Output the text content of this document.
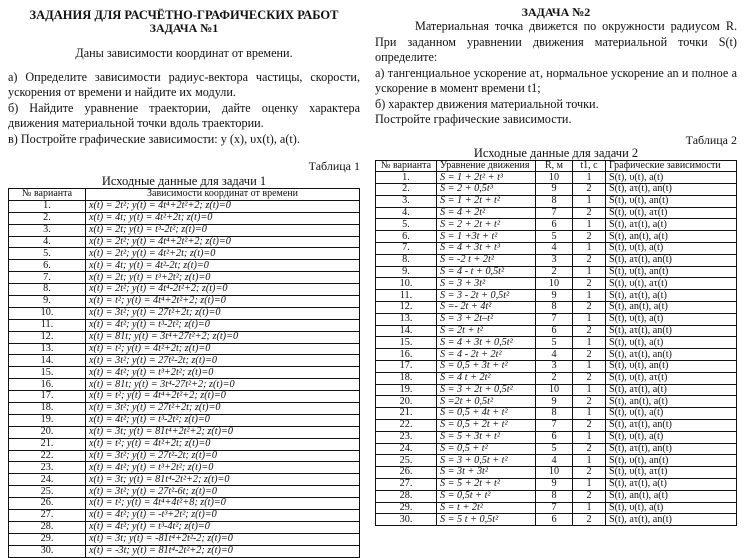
ЗАДАНИЯ ДЛЯ РАСЧЁТНО-ГРАФИЧЕСКИХ РАБОТ
ЗАДАЧА №1

Даны зависимости координат от времени.

а) Определите зависимости радиус-вектора частицы, скорости, ускорения от времени и найдите их модули.

б) Найдите уравнение траектории, дайте оценку характера движения материальной точки вдоль траектории.

в) Постройте графические зависимости: y (x), υx(t), a(t).

Таблица 1
Исходные данные для задачи 1
№ варианта	Зависимости координат от времени
1.	x(t) = 2t²; y(t) = 4t⁴+2t²+2; z(t)=0
2.	x(t) = 4t; y(t) = 4t²+2t; z(t)=0
3.	x(t) = 2t; y(t) = t³-2t²; z(t)=0
4.	x(t) = 2t²; y(t) = 4t⁴+2t²+2; z(t)=0
5.	x(t) = 2t²; y(t) = 4t²+2t; z(t)=0
6.	x(t) = 4t; y(t) = 4t²-2t; z(t)=0
7.	x(t) = 2t; y(t) = t³+2t²; z(t)=0
8.	x(t) = 2t²; y(t) = 4t⁴-2t²+2; z(t)=0
9.	x(t) = t²; y(t) = 4t⁴+2t²+2; z(t)=0
10.	x(t) = 3t²; y(t) = 27t²+2t; z(t)=0
11.	x(t) = 4t²; y(t) = t³-2t²; z(t)=0
12.	x(t) = 81t; y(t) = 3t⁴+27t²+2; z(t)=0
13.	x(t) = t²; y(t) = 4t²+2t; z(t)=0
14.	x(t) = 3t²; y(t) = 27t²-2t; z(t)=0
15.	x(t) = 4t²; y(t) = t³+2t²; z(t)=0
16.	x(t) = 81t; y(t) = 3t⁴-27t²+2; z(t)=0
17.	x(t) = t²; y(t) = 4t⁴+2t²+2; z(t)=0
18.	x(t) = 3t²; y(t) = 27t²+2t; z(t)=0
19.	x(t) = 4t²; y(t) = t³-2t²; z(t)=0
20.	x(t) = 3t; y(t) = 81t⁴+2t²+2; z(t)=0
21.	x(t) = t²; y(t) = 4t²+2t; z(t)=0
22.	x(t) = 3t²; y(t) = 27t²-2t; z(t)=0
23.	x(t) = 4t²; y(t) = t³+2t²; z(t)=0
24.	x(t) = 3t; y(t) = 81t⁴-2t²+2; z(t)=0
25.	x(t) = 3t²; y(t) = 27t²-6t; z(t)=0
26.	x(t) = t²; y(t) = 4t⁴+4t²+8; z(t)=0
27.	x(t) = 4t²; y(t) = -t³+2t²; z(t)=0
28.	x(t) = 4t²; y(t) = t³-4t²; z(t)=0
29.	x(t) = 3t; y(t) = -81t⁴+2t²-2; z(t)=0
30.	x(t) = -3t; y(t) = 81t⁴-2t²+2; z(t)=0
ЗАДАЧА №2

Материальная точка движется по окружности радиусом R. При заданном уравнении движения материальной точки S(t) определите:

а) тангенциальное ускорение aτ, нормальное ускорение an и полное a ускорение в момент времени t1;

б) характер движения материальной точки.

Постройте графические зависимости.

Таблица 2
Исходные данные для задачи 2
№ варианта	Уравнение движения	R, м	t1, с	Графические зависимости
1.	S = 1 + 2t² + t³	10	1	S(t), υ(t), a(t)
2.	S = 2 + 0,5t³	9	2	S(t), aτ(t), an(t)
3.	S = 1 + 2t + t²	8	1	S(t), υ(t), an(t)
4.	S = 4 + 2t²	7	2	S(t), υ(t), aτ(t)
5.	S = 2 + 2t + t²	6	1	S(t), aτ(t), a(t)
6.	S = 1 +3t + t²	5	2	S(t), an(t), a(t)
7.	S = 4 + 3t + t³	4	1	S(t), υ(t), a(t)
8.	S = -2 t + 2t²	3	2	S(t), aτ(t), an(t)
9.	S = 4 - t + 0,5t²	2	1	S(t), υ(t), an(t)
10.	S = 3 + 3t²	10	2	S(t), υ(t), aτ(t)
11.	S = 3 - 2t + 0,5t²	9	1	S(t), aτ(t), a(t)
12.	S =- 2t + 4t²	8	2	S(t), an(t), a(t)
13.	S = 3 + 2t–t²	7	1	S(t), υ(t), a(t)
14.	S = 2t + t²	6	2	S(t), aτ(t), an(t)
15.	S = 4 + 3t + 0,5t²	5	1	S(t), υ(t), a(t)
16.	S = 4 - 2t + 2t²	4	2	S(t), aτ(t), an(t)
17.	S = 0,5 + 3t + t²	3	1	S(t), υ(t), an(t)
18.	S = 4 t + 2t²	2	2	S(t), υ(t), aτ(t)
19.	S = 3 + 2t + 0,5t²	10	1	S(t), aτ(t), a(t)
20.	S =2t + 0,5t²	9	2	S(t), an(t), a(t)
21.	S = 0,5 + 4t + t²	8	1	S(t), υ(t), a(t)
22.	S = 0,5 + 2t + t²	7	2	S(t), aτ(t), an(t)
23.	S = 5 + 3t + t²	6	1	S(t), υ(t), a(t)
24.	S = 0,5 + t²	5	2	S(t), aτ(t), an(t)
25.	S = 3 + 0,5t + t²	4	1	S(t), υ(t), an(t)
26.	S = 3t + 3t²	10	2	S(t), υ(t), aτ(t)
27.	S = 5 + 2t + t²	9	1	S(t), aτ(t), a(t)
28.	S = 0,5t + t²	8	2	S(t), an(t), a(t)
29.	S = t + 2t²	7	1	S(t), υ(t), a(t)
30.	S = 5 t + 0,5t²	6	2	S(t), aτ(t), an(t)
